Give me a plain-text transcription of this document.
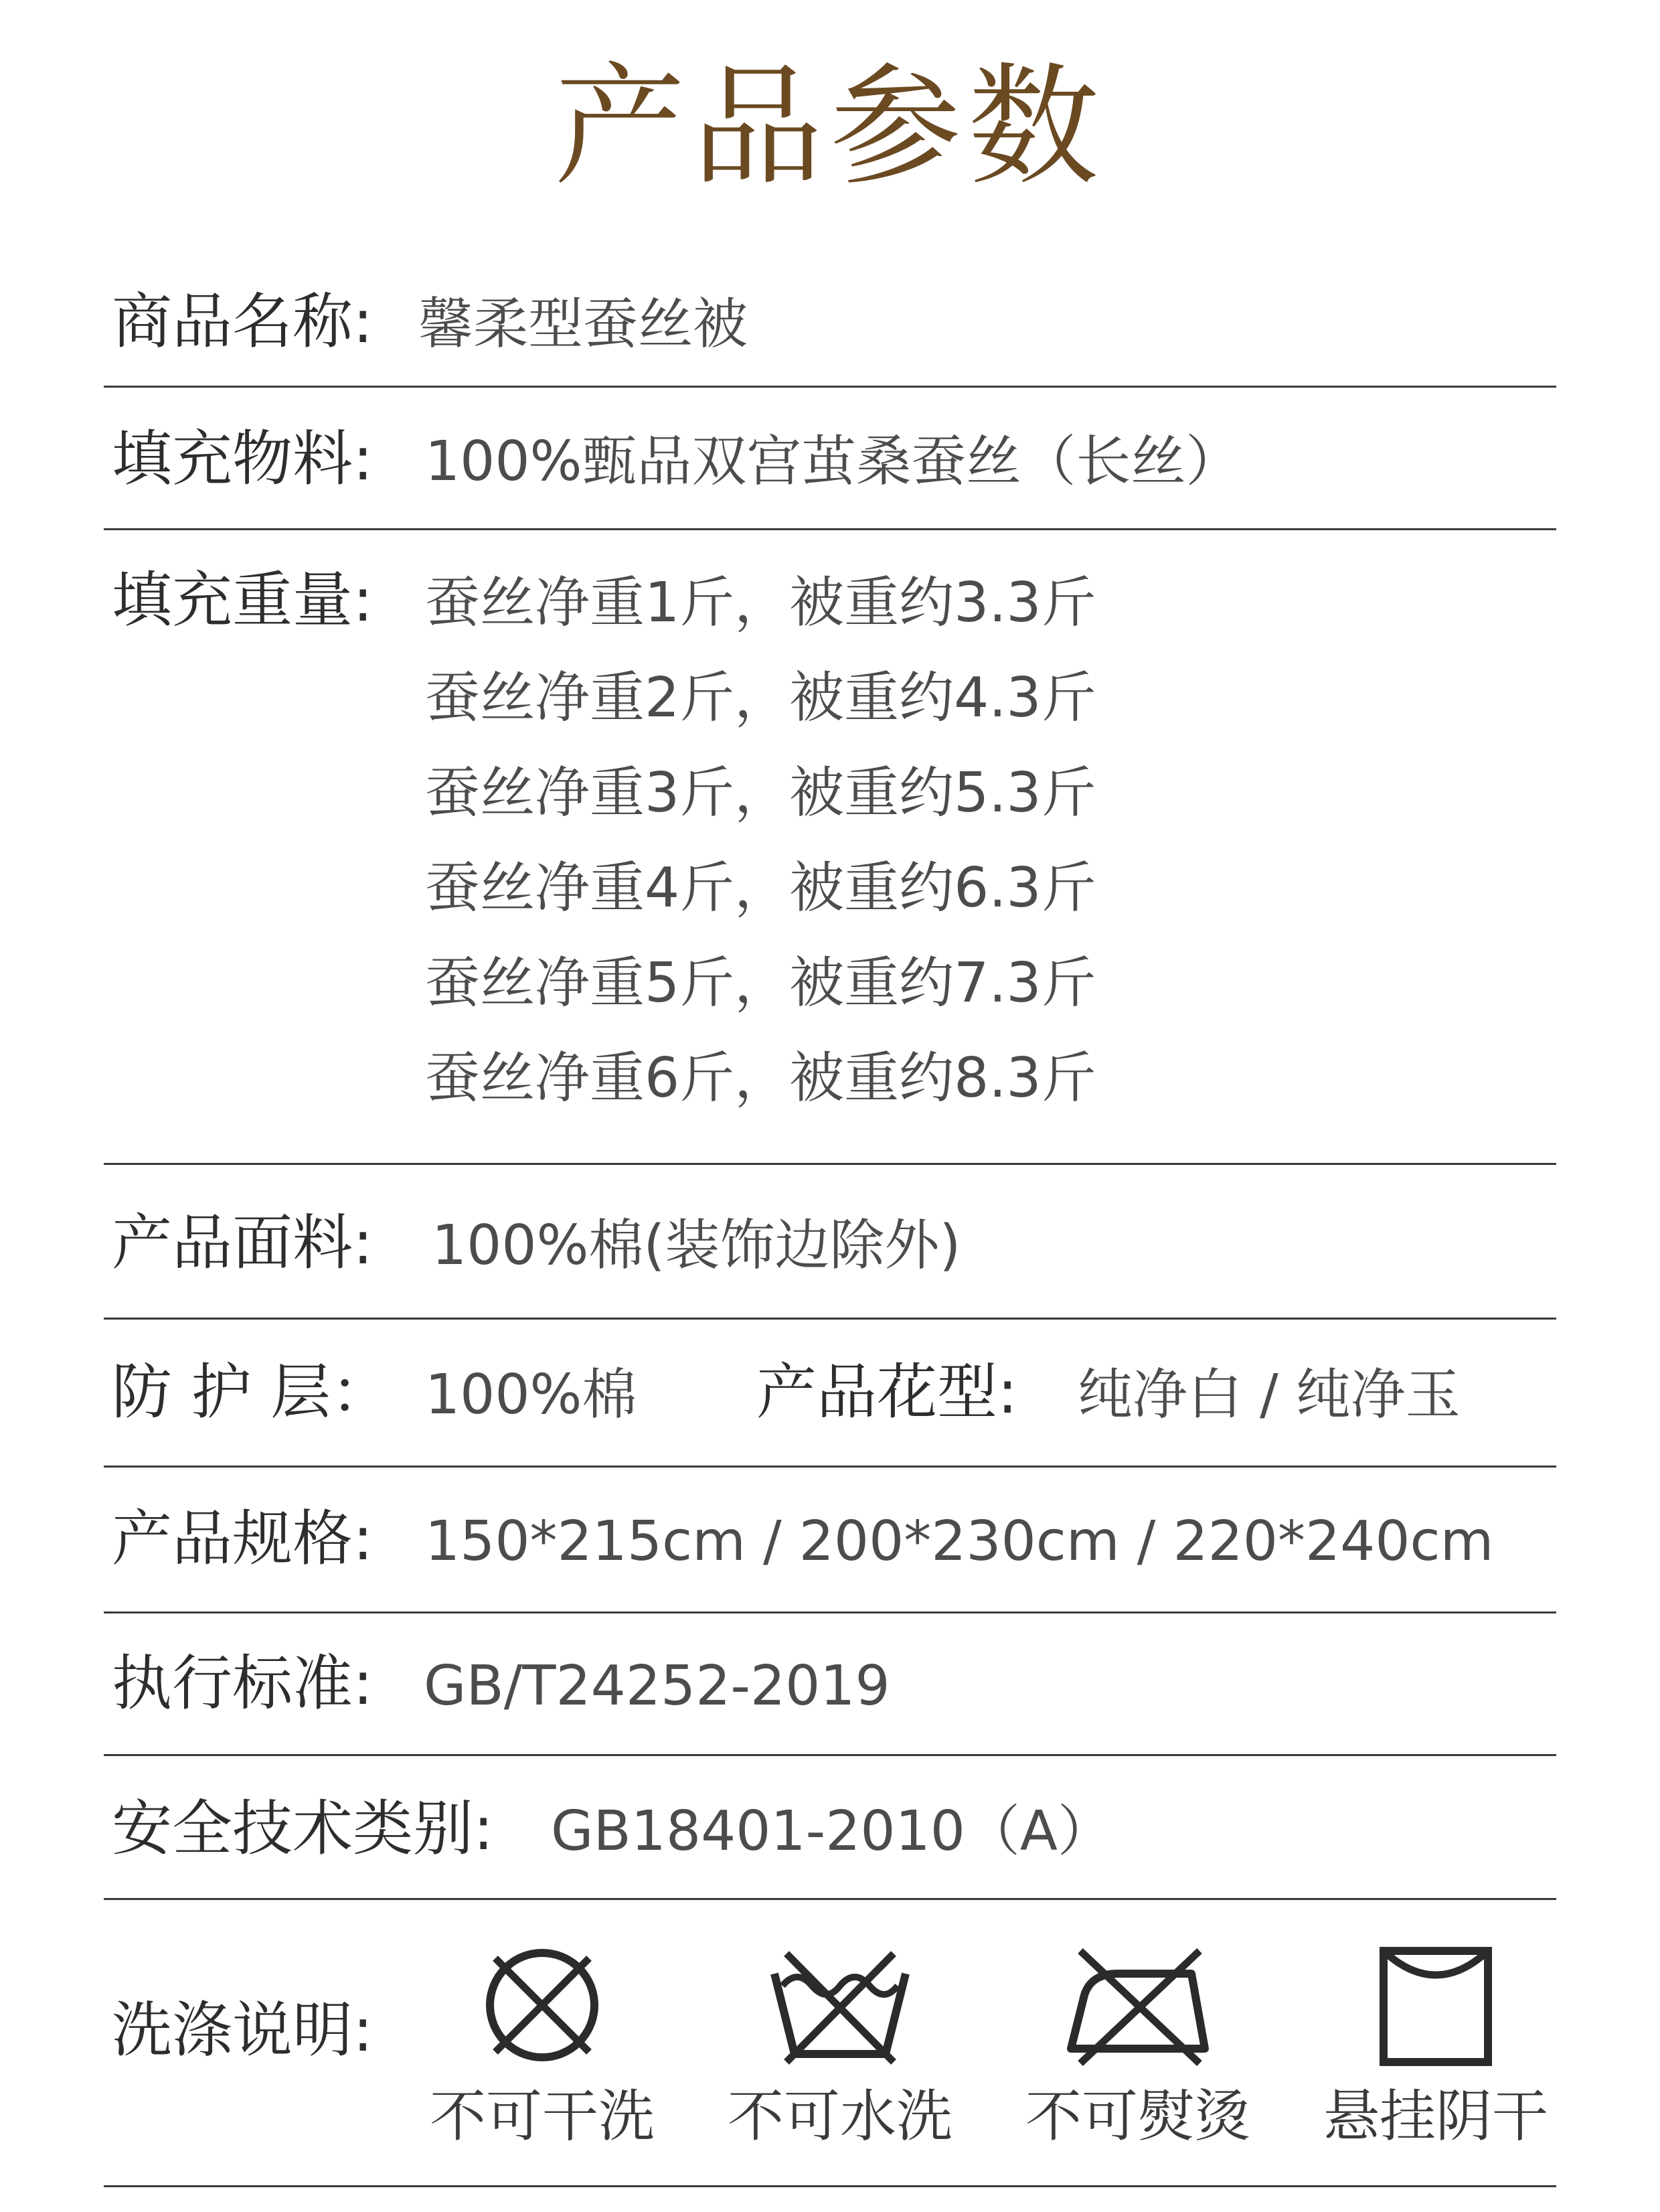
产品参数
商品名称: 馨柔型蚕丝被
填充物料: 100%甄品双宫茧桑蚕丝（长丝）
填充重量: 蚕丝净重1斤，被重约3.3斤
蚕丝净重2斤，被重约4.3斤
蚕丝净重3斤，被重约5.3斤
蚕丝净重4斤，被重约6.3斤
蚕丝净重5斤，被重约7.3斤
蚕丝净重6斤，被重约8.3斤
产品面料: 100%棉(装饰边除外)
防 护 层： 100%棉 产品花型: 纯净白 / 纯净玉
产品规格: 150*215cm / 200*230cm / 220*240cm
执行标准: GB/T24252-2019
安全技术类别: GB18401-2010（A）
洗涤说明:
不可干洗 不可水洗 不可熨烫 悬挂阴干
